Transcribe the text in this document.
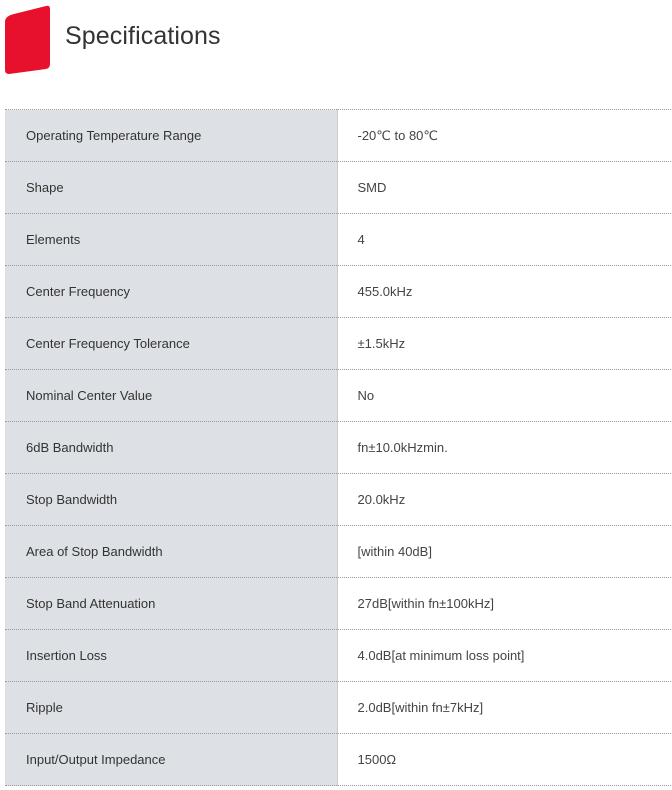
Specifications
Operating Temperature Range	-20℃ to 80℃
Shape	SMD
Elements	4
Center Frequency	455.0kHz
Center Frequency Tolerance	±1.5kHz
Nominal Center Value	No
6dB Bandwidth	fn±10.0kHzmin.
Stop Bandwidth	20.0kHz
Area of Stop Bandwidth	[within 40dB]
Stop Band Attenuation	27dB[within fn±100kHz]
Insertion Loss	4.0dB[at minimum loss point]
Ripple	2.0dB[within fn±7kHz]
Input/Output Impedance	1500Ω
